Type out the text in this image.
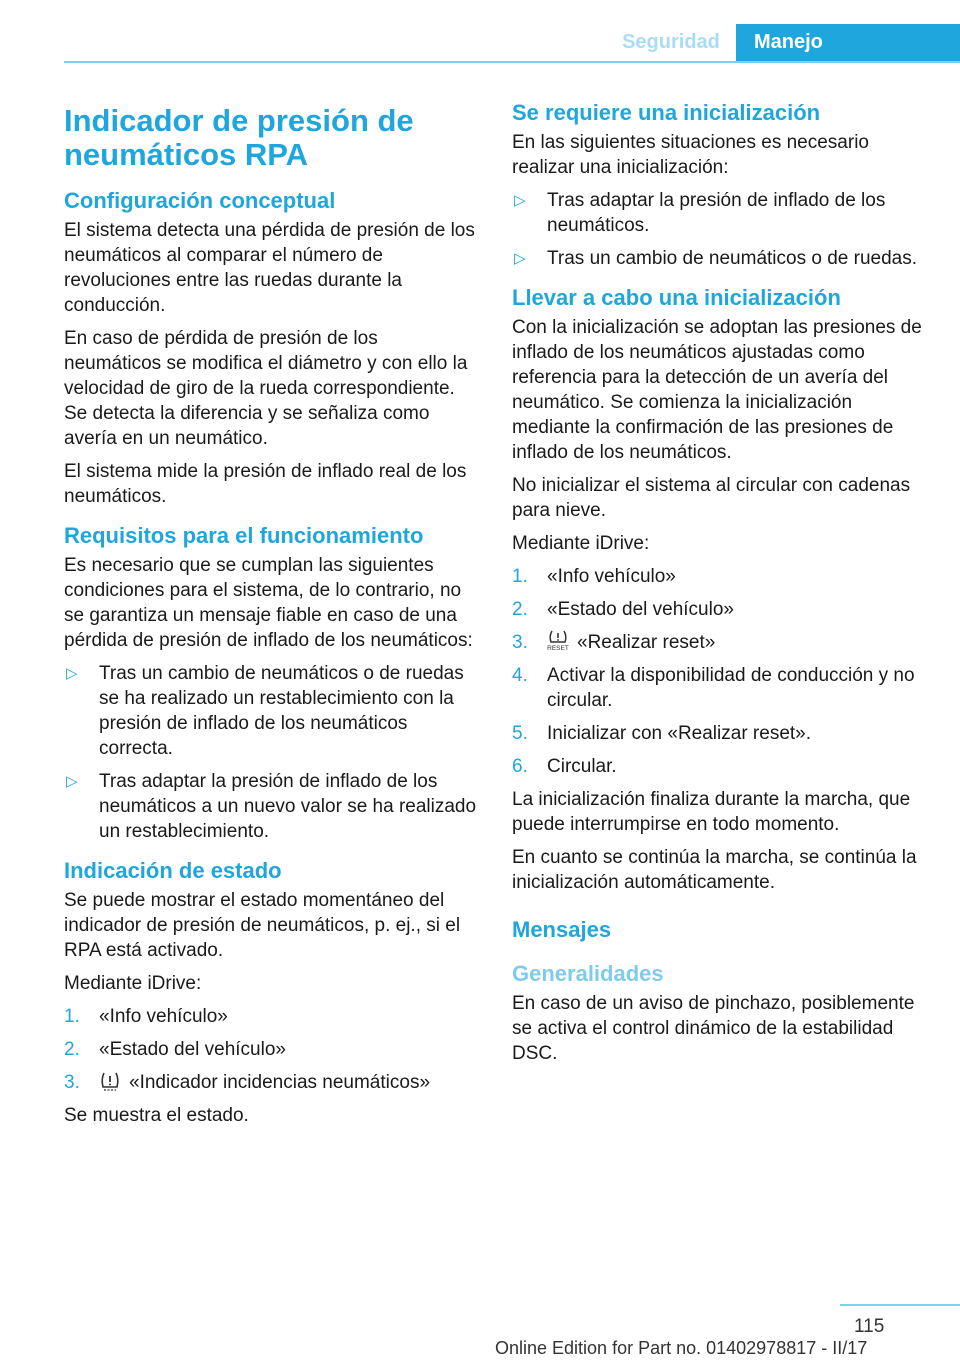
Seguridad	Manejo
Indicador de presión de neumáticos RPA
Configuración conceptual

El sistema detecta una pérdida de presión de los neumáticos al comparar el número de revoluciones entre las ruedas durante la conducción.

En caso de pérdida de presión de los neumáticos se modifica el diámetro y con ello la velocidad de giro de la rueda correspondiente. Se detecta la diferencia y se señaliza como avería en un neumático.

El sistema mide la presión de inflado real de los neumáticos.

Requisitos para el funcionamiento

Es necesario que se cumplan las siguientes condiciones para el sistema, de lo contrario, no se garantiza un mensaje fiable en caso de una pérdida de presión de inflado de los neumáticos:

▷ Tras un cambio de neumáticos o de ruedas se ha realizado un restablecimiento con la presión de inflado de los neumáticos correcta.
▷ Tras adaptar la presión de inflado de los neumáticos a un nuevo valor se ha realizado un restablecimiento.
Indicación de estado

Se puede mostrar el estado momentáneo del indicador de presión de neumáticos, p. ej., si el RPA está activado.

Mediante iDrive:

1. «Info vehículo»
2. «Estado del vehículo»
3.	«Indicador incidencias neumáticos»

Se muestra el estado.

Se requiere una inicialización

En las siguientes situaciones es necesario realizar una inicialización:

▷ Tras adaptar la presión de inflado de los neumáticos.
▷ Tras un cambio de neumáticos o de ruedas.
Llevar a cabo una inicialización

Con la inicialización se adoptan las presiones de inflado de los neumáticos ajustadas como referencia para la detección de un avería del neumático. Se comienza la inicialización mediante la confirmación de las presiones de inflado de los neumáticos.

No inicializar el sistema al circular con cadenas para nieve.

Mediante iDrive:

1. «Info vehículo»
2. «Estado del vehículo»
3.	RESET «Realizar reset»
4. Activar la disponibilidad de conducción y no circular.
5. Inicializar con «Realizar reset».
6. Circular.

La inicialización finaliza durante la marcha, que puede interrumpirse en todo momento.

En cuanto se continúa la marcha, se continúa la inicialización automáticamente.

Mensajes
Generalidades

En caso de un aviso de pinchazo, posiblemente se activa el control dinámico de la estabilidad DSC.

115
Online Edition for Part no. 01402978817 - II/17
